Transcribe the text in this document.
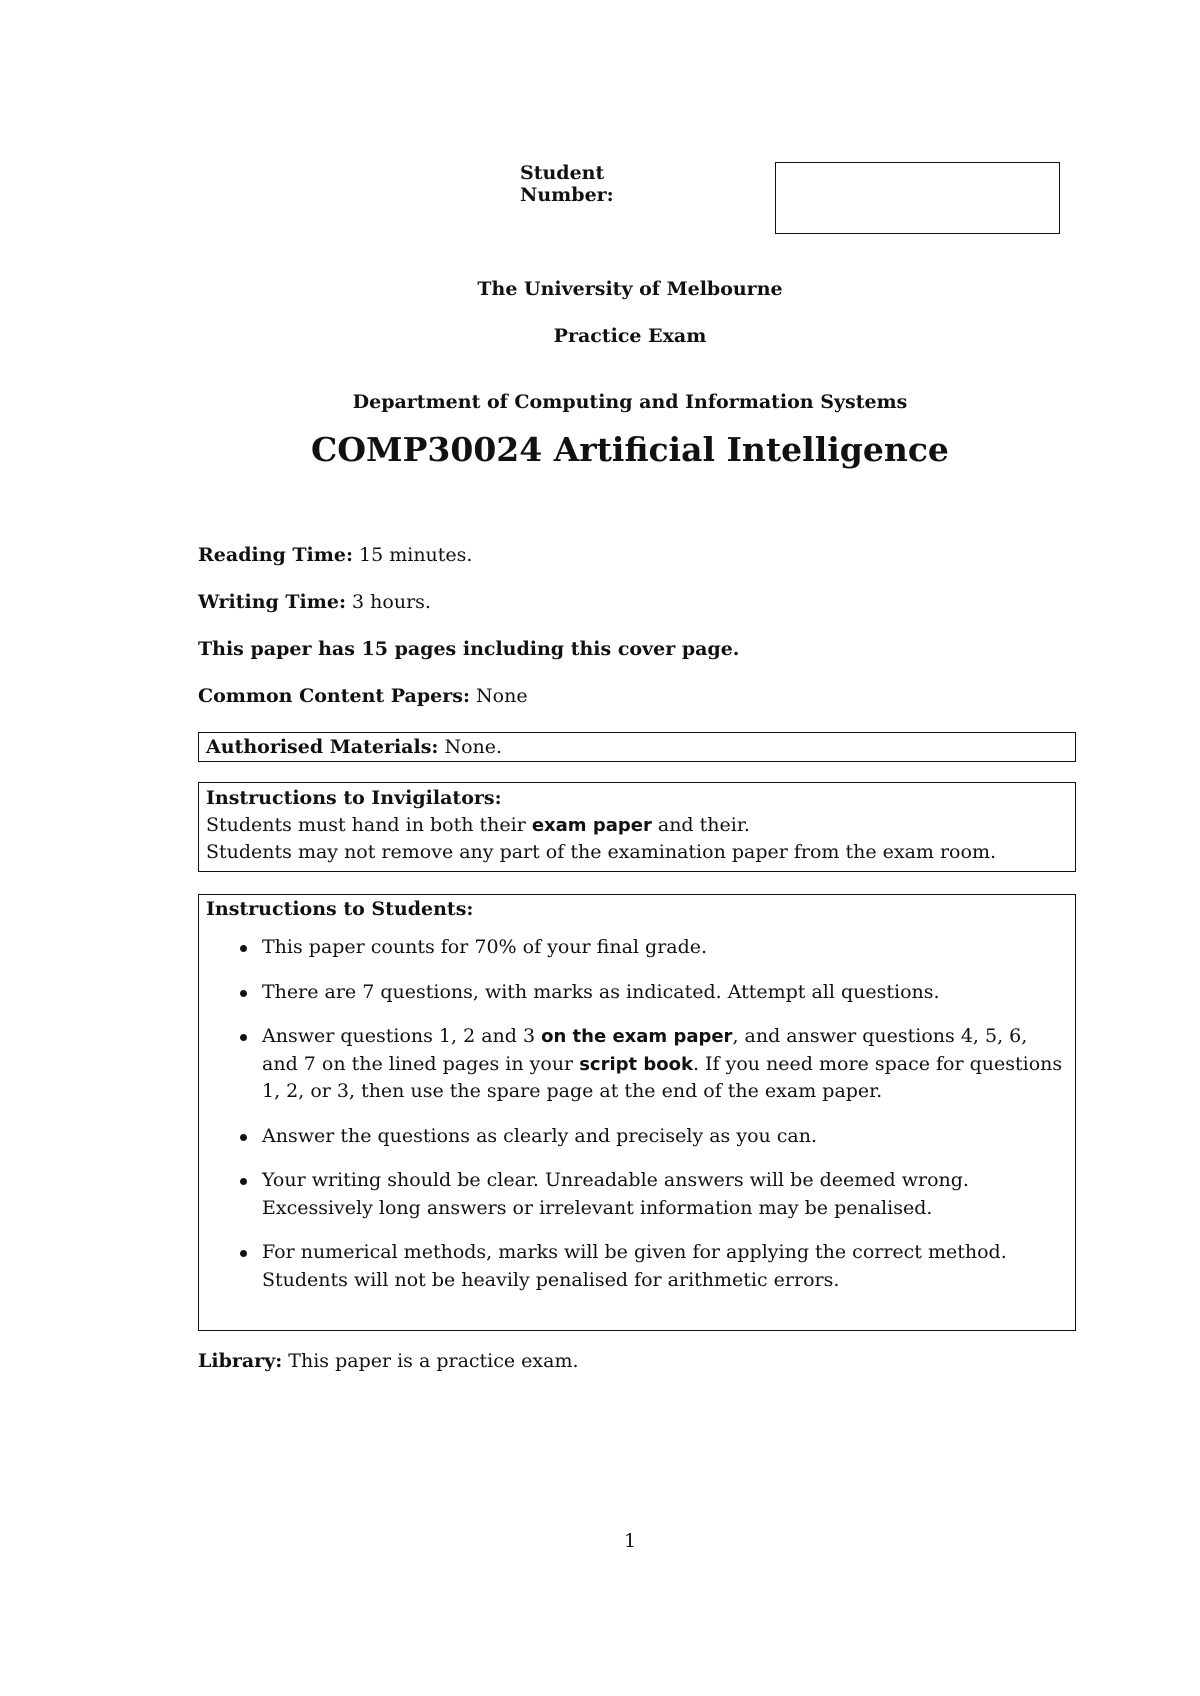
Student Number:
The University of Melbourne
Practice Exam
Department of Computing and Information Systems
COMP30024 Artificial Intelligence
Reading Time: 15 minutes.
Writing Time: 3 hours.
This paper has 15 pages including this cover page.
Common Content Papers: None
Authorised Materials: None.
Instructions to Invigilators:
Students must hand in both their exam paper and their.
Students may not remove any part of the examination paper from the exam room.
Instructions to Students:
This paper counts for 70% of your final grade.
There are 7 questions, with marks as indicated. Attempt all questions.
Answer questions 1, 2 and 3 on the exam paper, and answer questions 4, 5, 6, and 7 on the lined pages in your script book. If you need more space for questions 1, 2, or 3, then use the spare page at the end of the exam paper.
Answer the questions as clearly and precisely as you can.
Your writing should be clear. Unreadable answers will be deemed wrong. Excessively long answers or irrelevant information may be penalised.
For numerical methods, marks will be given for applying the correct method. Students will not be heavily penalised for arithmetic errors.
Library: This paper is a practice exam.
1
